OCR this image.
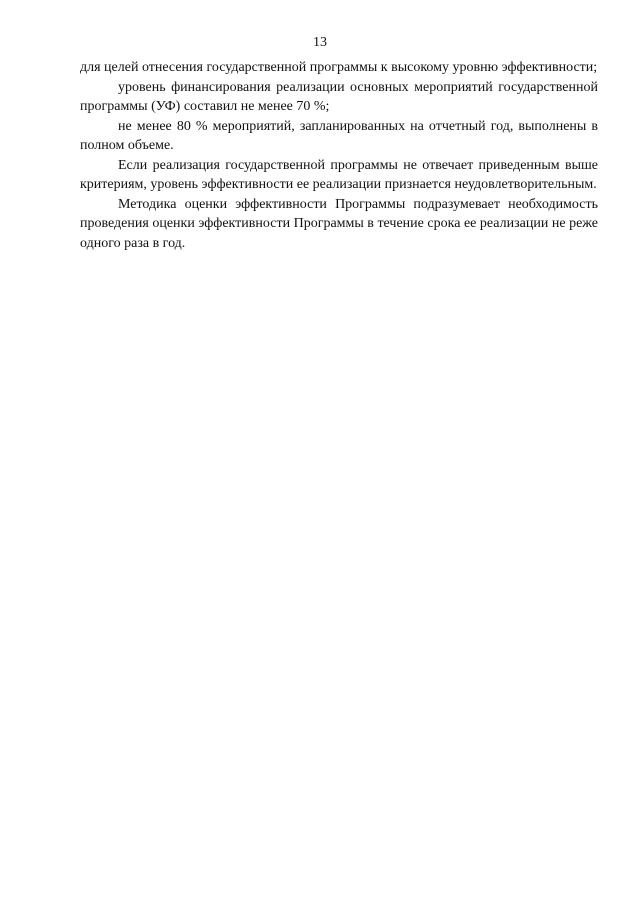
13

для целей отнесения государственной программы к высокому уровню эффективности;

уровень финансирования реализации основных мероприятий государственной программы (УФ) составил не менее 70 %;

не менее 80 % мероприятий, запланированных на отчетный год, выполнены в полном объеме.

Если реализация государственной программы не отвечает приведенным выше критериям, уровень эффективности ее реализации признается неудовлетворительным.

Методика оценки эффективности Программы подразумевает необходимость проведения оценки эффективности Программы в течение срока ее реализации не реже одного раза в год.
